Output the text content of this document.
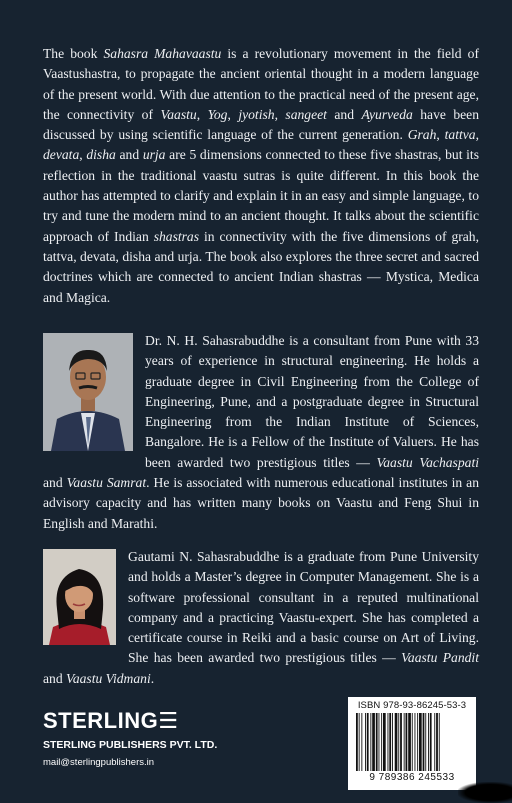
The book Sahasra Mahavaastu is a revolutionary movement in the field of Vaastushastra, to propagate the ancient oriental thought in a modern language of the present world. With due attention to the practical need of the present age, the connectivity of Vaastu, Yog, jyotish, sangeet and Ayurveda have been discussed by using scientific language of the current generation. Grah, tattva, devata, disha and urja are 5 dimensions connected to these five shastras, but its reflection in the traditional vaastu sutras is quite different. In this book the author has attempted to clarify and explain it in an easy and simple language, to try and tune the modern mind to an ancient thought. It talks about the scientific approach of Indian shastras in connectivity with the five dimensions of grah, tattva, devata, disha and urja. The book also explores the three secret and sacred doctrines which are connected to ancient Indian shastras — Mystica, Medica and Magica.

Dr. N. H. Sahasrabuddhe is a consultant from Pune with 33 years of experience in structural engineering. He holds a graduate degree in Civil Engineering from the College of Engineering, Pune, and a postgraduate degree in Structural Engineering from the Indian Institute of Sciences, Bangalore. He is a Fellow of the Institute of Valuers. He has been awarded two prestigious titles — Vaastu Vachaspati and Vaastu Samrat. He is associated with numerous educational institutes in an advisory capacity and has written many books on Vaastu and Feng Shui in English and Marathi.

Gautami N. Sahasrabuddhe is a graduate from Pune University and holds a Master’s degree in Computer Management. She is a software professional consultant in a reputed multinational company and a practicing Vaastu-expert. She has completed a certificate course in Reiki and a basic course on Art of Living. She has been awarded two prestigious titles — Vaastu Pandit and Vaastu Vidmani.

STERLING☰
STERLING PUBLISHERS PVT. LTD.
mail@sterlingpublishers.in
ISBN 978-93-86245-53-3
9 789386 245533
